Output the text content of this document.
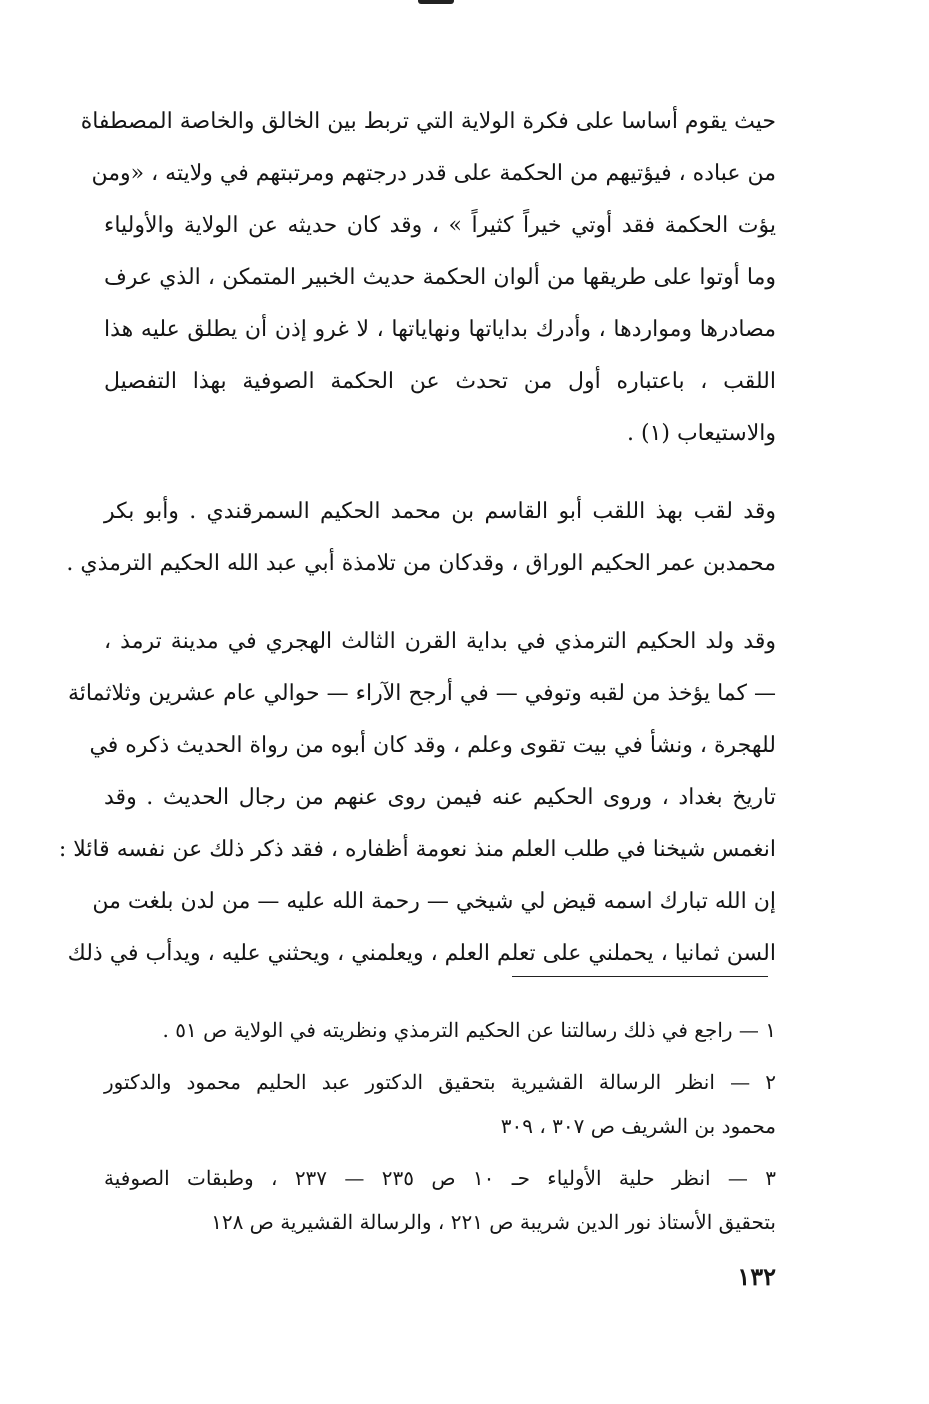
حيث يقوم أساسا على فكرة الولاية التي تربط بين الخالق والخاصة المصطفاة
من عباده ، فيؤتيهم من الحكمة على قدر درجتهم ومرتبتهم في ولايته ، «ومن
يؤت الحكمة فقد أوتي خيراً كثيراً » ، وقد كان حديثه عن الولاية والأولياء
وما أوتوا على طريقها من ألوان الحكمة حديث الخبير المتمكن ، الذي عرف
مصادرها ومواردها ، وأدرك بداياتها ونهاياتها ، لا غرو إذن أن يطلق عليه هذا
اللقب ، باعتباره أول من تحدث عن الحكمة الصوفية بهذا التفصيل
والاستيعاب (١) .
وقد لقب بهذ اللقب أبو القاسم بن محمد الحكيم السمرقندي . وأبو بكر
محمدبن عمر الحكيم الوراق ، وقدكان من تلامذة أبي عبد الله الحكيم الترمذي .
وقد ولد الحكيم الترمذي في بداية القرن الثالث الهجري في مدينة ترمذ ،
— كما يؤخذ من لقبه وتوفي — في أرجح الآراء — حوالي عام عشرين وثلاثمائة
للهجرة ، ونشأ في بيت تقوى وعلم ، وقد كان أبوه من رواة الحديث ذكره في
تاريخ بغداد ، وروى الحكيم عنه فيمن روى عنهم من رجال الحديث . وقد
انغمس شيخنا في طلب العلم منذ نعومة أظفاره ، فقد ذكر ذلك عن نفسه قائلا :
إن الله تبارك اسمه قيض لي شيخي — رحمة الله عليه — من لدن بلغت من
السن ثمانيا ، يحملني على تعلم العلم ، ويعلمني ، ويحثني عليه ، ويدأب في ذلك
١ — راجع في ذلك رسالتنا عن الحكيم الترمذي ونظريته في الولاية ص ٥١ .
٢ — انظر الرسالة القشيرية بتحقيق الدكتور عبد الحليم محمود والدكتور
محمود بن الشريف ص ٣٠٧ ، ٣٠٩
٣ — انظر حلية الأولياء حـ ١٠ ص ٢٣٥ — ٢٣٧ ، وطبقات الصوفية
بتحقيق الأستاذ نور الدين شريبة ص ٢٢١ ، والرسالة القشيرية ص ١٢٨
١٣٢
